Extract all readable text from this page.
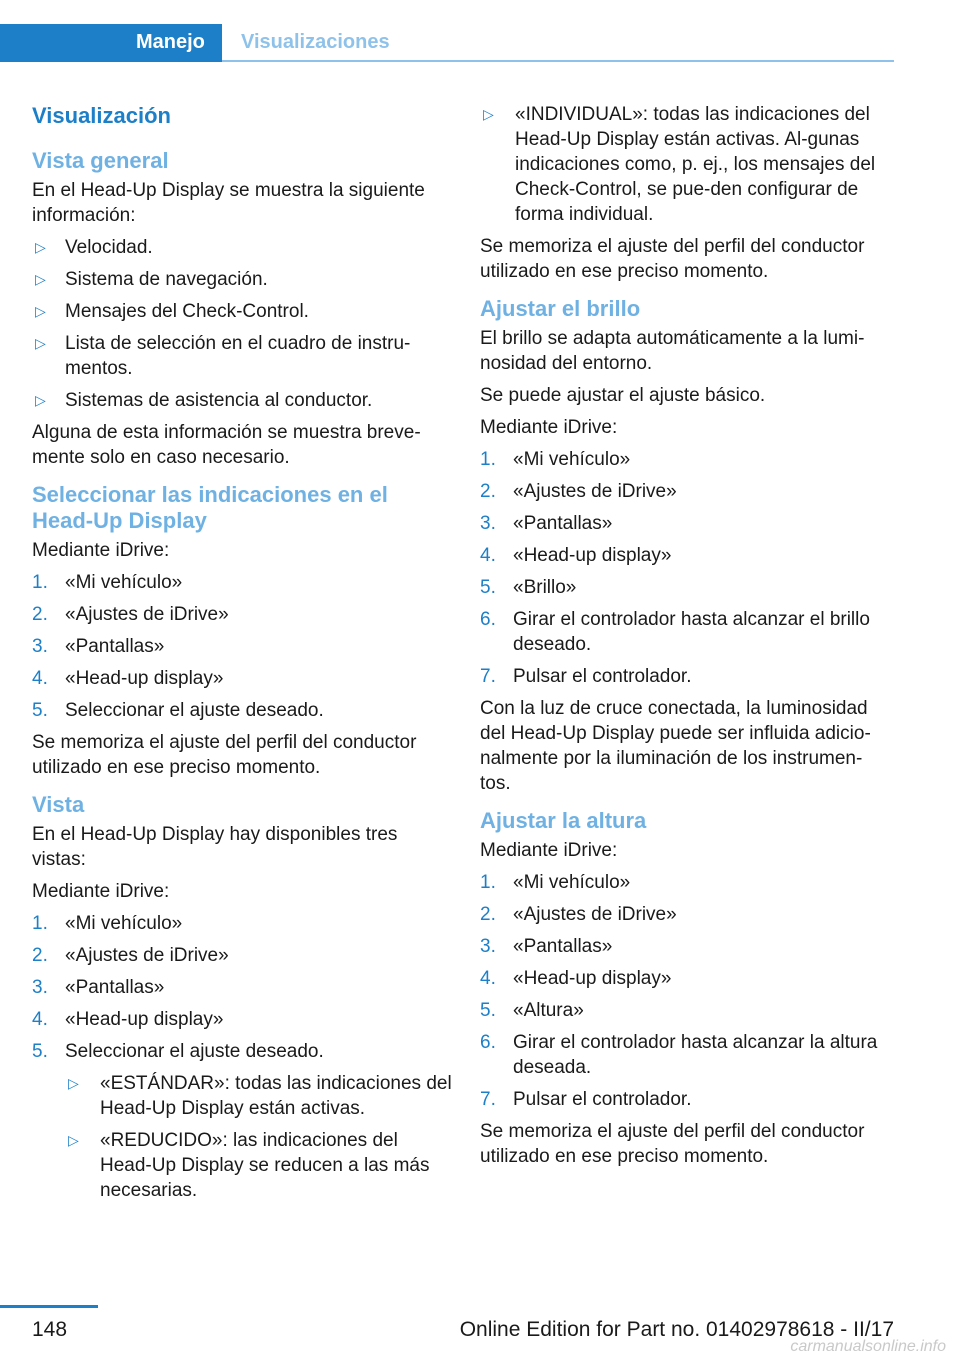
Manejo Visualizaciones
Visualización
Vista general

En el Head-Up Display se muestra la siguiente información:

▷ Velocidad.
▷ Sistema de navegación.
▷ Mensajes del Check-Control.
▷ Lista de selección en el cuadro de instru-mentos.
▷ Sistemas de asistencia al conductor.

Alguna de esta información se muestra breve-mente solo en caso necesario.

Seleccionar las indicaciones en el Head-Up Display

Mediante iDrive:

1. «Mi vehículo»
2. «Ajustes de iDrive»
3. «Pantallas»
4. «Head-up display»
5. Seleccionar el ajuste deseado.

Se memoriza el ajuste del perfil del conductor utilizado en ese preciso momento.

Vista

En el Head-Up Display hay disponibles tres vistas:

Mediante iDrive:

1. «Mi vehículo»
2. «Ajustes de iDrive»
3. «Pantallas»
4. «Head-up display»
5. Seleccionar el ajuste deseado.
▷ «ESTÁNDAR»: todas las indicaciones del Head-Up Display están activas.
▷ «REDUCIDO»: las indicaciones del Head-Up Display se reducen a las más necesarias.
▷ «INDIVIDUAL»: todas las indicaciones del Head-Up Display están activas. Al-gunas indicaciones como, p. ej., los mensajes del Check-Control, se pue-den configurar de forma individual.

Se memoriza el ajuste del perfil del conductor utilizado en ese preciso momento.

Ajustar el brillo

El brillo se adapta automáticamente a la lumi-nosidad del entorno.

Se puede ajustar el ajuste básico.

Mediante iDrive:

1. «Mi vehículo»
2. «Ajustes de iDrive»
3. «Pantallas»
4. «Head-up display»
5. «Brillo»
6. Girar el controlador hasta alcanzar el brillo deseado.
7. Pulsar el controlador.

Con la luz de cruce conectada, la luminosidad del Head-Up Display puede ser influida adicio-nalmente por la iluminación de los instrumen-tos.

Ajustar la altura

Mediante iDrive:

1. «Mi vehículo»
2. «Ajustes de iDrive»
3. «Pantallas»
4. «Head-up display»
5. «Altura»
6. Girar el controlador hasta alcanzar la altura deseada.
7. Pulsar el controlador.

Se memoriza el ajuste del perfil del conductor utilizado en ese preciso momento.

148	Online Edition for Part no. 01402978618 - II/17
carmanualsonline.info
